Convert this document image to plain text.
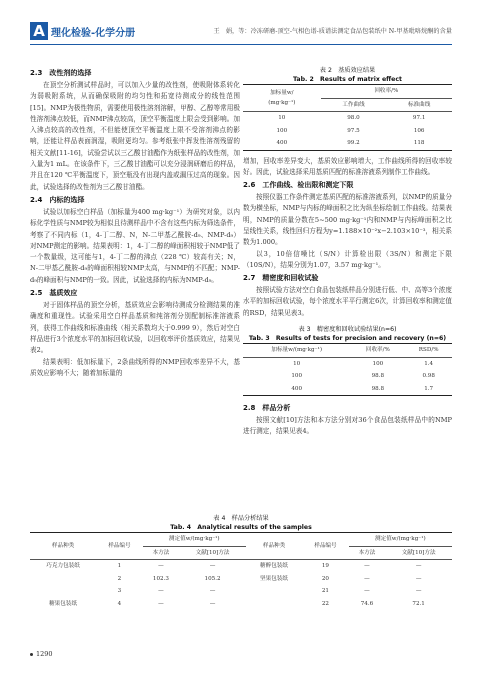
A 理化检验-化学分册	王　娟，等：冷冻研磨-顶空-气相色谱-质谱法测定食品包装纸中 N-甲基吡咯烷酮的含量
2.3　改性剂的选择

在顶空分析测试样品时，可以加入少量的改性剂，使吸附体系转化为弱吸附系统，从而确保吸附的均匀性和拓宽待测成分的线性范围[15]。NMP为极性物质，需要使用极性溶剂溶解，甲醇、乙醇等常用极性溶剂沸点较低，而NMP沸点较高，顶空平衡温度上限会受到影响。加入沸点较高的改性剂，不但能使顶空平衡温度上限不受溶剂沸点的影响，还能让样品表面润湿，吸附更均匀。参考纸张中挥发性溶剂残留的相关文献[11-16]，试验尝试以三乙酸甘油酯作为纸张样品的改性剂，加入量为1 mL。在该条件下，三乙酸甘油酯可以充分浸润研磨后的样品，并且在120 ℃平衡温度下，顶空瓶没有出现内盖或漏压过高的现象。因此，试验选择的改性剂为三乙酸甘油酯。

2.4　内标的选择

试验以加标空白样品（加标量为400 mg·kg⁻¹）为研究对象，以内标化学性质与NMP较为相似且待测样品中不含有这些内标为筛选条件，考察了不同内标（1，4-丁二醇、N，N-二甲基乙酰胺-d₉、NMP-d₉）对NMP测定的影响。结果表明：1，4-丁二醇的峰面积相较于NMP低了一个数量级，这可能与1，4-丁二醇的沸点（228 ℃）较高有关；N，N-二甲基乙酰胺-d₉的峰面积相较NMP太高，与NMP的不匹配；NMP-d₉的峰面积与NMP的一致。因此，试验选择的内标为NMP-d₉。

2.5　基质效应

对于固体样品的顶空分析，基质效应会影响待测成分检测结果的准确度和重现性。试验采用空白样品基质和纯溶剂分别配制标准溶液系列，获得工作曲线和标准曲线（相关系数均大于0.999 9），然后对空白样品进行3个浓度水平的加标回收试验，以回收率评价基质效应，结果见表2。

结果表明：低加标量下，2条曲线所得的NMP回收率差异不大，基质效应影响不大；随着加标量的

表 2　基质效应结果
Tab. 2　Results of matrix effect
加标量w/
(mg·kg⁻¹)	回收率/%	
	工作曲线	标准曲线
10	98.0	97.1
100	97.5	106
400	99.2	118

增加，回收率差异变大，基质效应影响增大，工作曲线所得的回收率较好。因此，试验选择采用基质匹配的标准溶液系列制作工作曲线。

2.6　工作曲线、检出限和测定下限

按照仪器工作条件测定基质匹配的标准溶液系列，以NMP的质量分数为横坐标，NMP与内标的峰面积之比为纵坐标绘制工作曲线。结果表明，NMP的质量分数在5~500 mg·kg⁻¹内和NMP与内标峰面积之比呈线性关系，线性回归方程为y=1.188×10⁻²x−2.103×10⁻³，相关系数为1.000。

以3，10倍信噪比（S/N）计算检出限（3S/N）和测定下限（10S/N），结果分别为1.07，3.57 mg·kg⁻¹。

2.7　精密度和回收试验

按照试验方法对空白食品包装纸样品分别进行低、中、高等3个浓度水平的加标回收试验，每个浓度水平平行测定6次，计算回收率和测定值的RSD，结果见表3。

表 3　精密度和回收试验结果(n=6)
Tab. 3　Results of tests for precision and recovery (n=6)
加标量w/(mg·kg⁻¹)	回收率/%	RSD/%
10	100	1.4
100	98.8	0.98
400	98.8	1.7
2.8　样品分析

按照文献[10]方法和本方法分别对36个食品包装纸样品中的NMP进行测定，结果见表4。

表 4　样品分析结果
Tab. 4　Analytical results of the samples
样品种类	样品编号	测定值w/(mg·kg⁻¹)		样品种类	样品编号	测定值w/(mg·kg⁻¹)	
		本方法	文献[10]方法			本方法	文献[10]方法
巧克力包装纸	1	—	—	糖醉包装纸	19	—	—
	2	102.3	105.2	坚果包装纸	20	—	—
	3	—	—		21	—	—
糖果包装纸	4	—	—		22	74.6	72.1
1290
